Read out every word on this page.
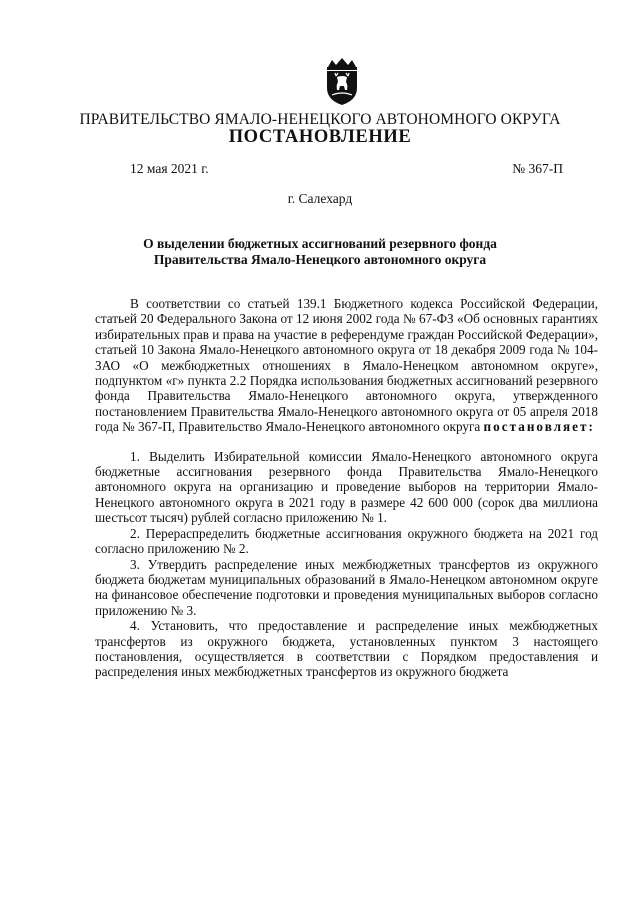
ПРАВИТЕЛЬСТВО ЯМАЛО-НЕНЕЦКОГО АВТОНОМНОГО ОКРУГА
ПОСТАНОВЛЕНИЕ
12 мая 2021 г.	№ 367-П
г. Салехард
О выделении бюджетных ассигнований резервного фонда
Правительства Ямало-Ненецкого автономного округа

В соответствии со статьей 139.1 Бюджетного кодекса Российской Федерации, статьей 20 Федерального Закона от 12 июня 2002 года № 67-ФЗ «Об основных гарантиях избирательных прав и права на участие в референдуме граждан Российской Федерации», статьей 10 Закона Ямало-Ненецкого автономного округа от 18 декабря 2009 года № 104-ЗАО «О межбюджетных отношениях в Ямало-Ненецком автономном округе», подпунктом «г» пункта 2.2 Порядка использования бюджетных ассигнований резервного фонда Правительства Ямало-Ненецкого автономного округа, утвержденного постановлением Правительства Ямало-Ненецкого автономного округа от 05 апреля 2018 года № 367-П, Правительство Ямало-Ненецкого автономного округа постановляет:

1. Выделить Избирательной комиссии Ямало-Ненецкого автономного округа бюджетные ассигнования резервного фонда Правительства Ямало-Ненецкого автономного округа на организацию и проведение выборов на территории Ямало-Ненецкого автономного округа в 2021 году в размере 42 600 000 (сорок два миллиона шестьсот тысяч) рублей согласно приложению № 1.

2. Перераспределить бюджетные ассигнования окружного бюджета на 2021 год согласно приложению № 2.

3. Утвердить распределение иных межбюджетных трансфертов из окружного бюджета бюджетам муниципальных образований в Ямало-Ненецком автономном округе на финансовое обеспечение подготовки и проведения муниципальных выборов согласно приложению № 3.

4. Установить, что предоставление и распределение иных межбюджетных трансфертов из окружного бюджета, установленных пунктом 3 настоящего постановления, осуществляется в соответствии с Порядком предоставления и распределения иных межбюджетных трансфертов из окружного бюджета
